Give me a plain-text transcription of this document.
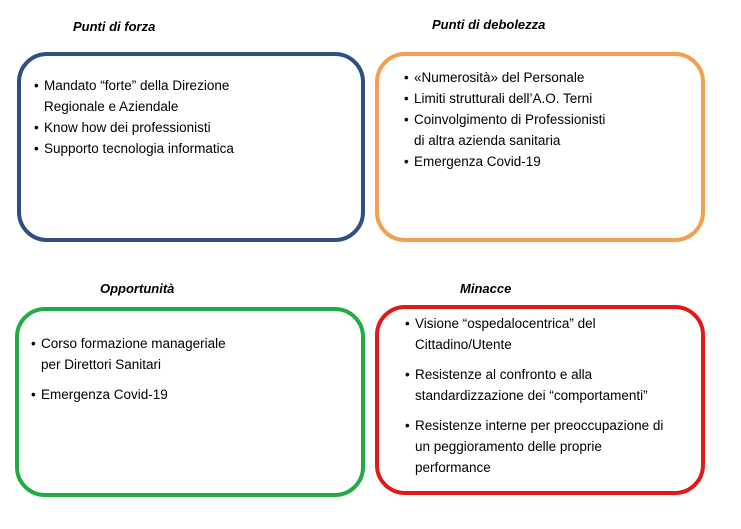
Punti di forza	Punti di debolezza

Opportunità	Minacce

• Mandato “forte” della Direzione
Regionale e Aziendale
• Know how dei professionisti
• Supporto tecnologia informatica
• «Numerosità» del Personale
• Limiti strutturali dell’A.O. Terni
• Coinvolgimento di Professionisti
di altra azienda sanitaria
• Emergenza Covid-19
• Corso formazione manageriale
per Direttori Sanitari
• Emergenza Covid-19
• Visione “ospedalocentrica” del
Cittadino/Utente
• Resistenze al confronto e alla
standardizzazione dei “comportamenti”
• Resistenze interne per preoccupazione di
un peggioramento delle proprie
performance
